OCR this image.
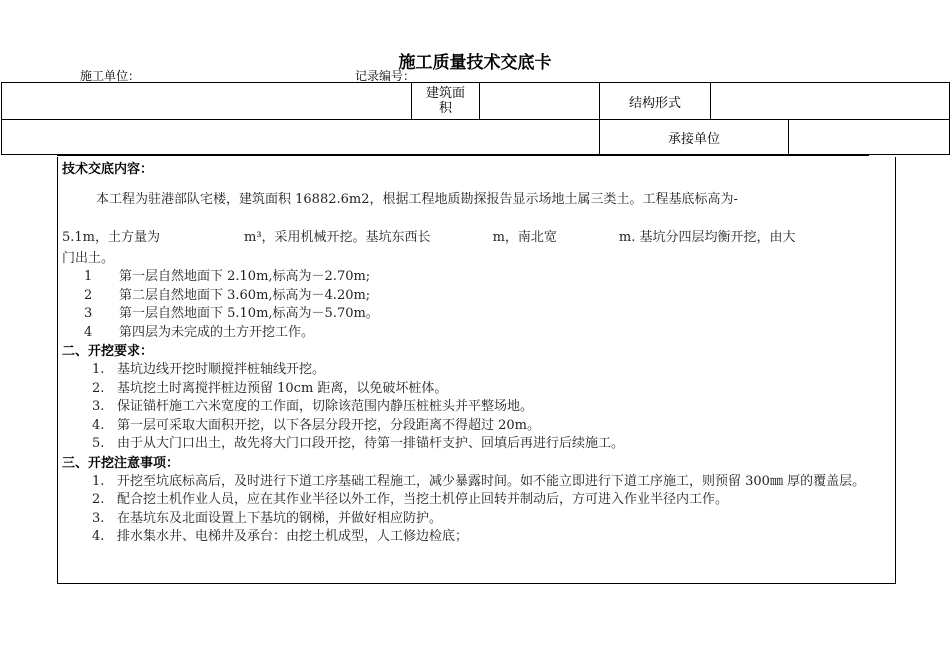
施工质量技术交底卡
施工单位：	记录编号：

	建筑面
积		结构形式		
			承接单位		
技术交底内容：
本工程为驻港部队宅楼，建筑面积 16882.6m2，根据工程地质勘探报告显示场地土属三类土。工程基底标高为-
5.1m，土方量为	m³，采用机械开挖。基坑东西长	m，南北宽	m. 基坑分四层均衡开挖，由大
门出土。
1	第一层自然地面下 2.10m,标高为－2.70m;
2	第二层自然地面下 3.60m,标高为－4.20m;
3	第一层自然地面下 5.10m,标高为－5.70m。
4	第四层为未完成的土方开挖工作。
二、开挖要求：
1. 基坑边线开挖时顺搅拌桩轴线开挖。
2. 基坑挖土时离搅拌桩边预留 10cm 距离，以免破坏桩体。
3. 保证锚杆施工六米宽度的工作面，切除该范围内静压桩桩头并平整场地。
4. 第一层可采取大面积开挖，以下各层分段开挖，分段距离不得超过 20m。
5. 由于从大门口出土，故先将大门口段开挖，待第一排锚杆支护、回填后再进行后续施工。
三、开挖注意事项：
1. 开挖至坑底标高后，及时进行下道工序基础工程施工，减少暴露时间。如不能立即进行下道工序施工，则预留 300㎜ 厚的覆盖层。
2. 配合挖土机作业人员，应在其作业半径以外工作，当挖土机停止回转并制动后，方可进入作业半径内工作。
3. 在基坑东及北面设置上下基坑的钢梯，并做好相应防护。
4. 排水集水井、电梯井及承台：由挖土机成型，人工修边检底；
